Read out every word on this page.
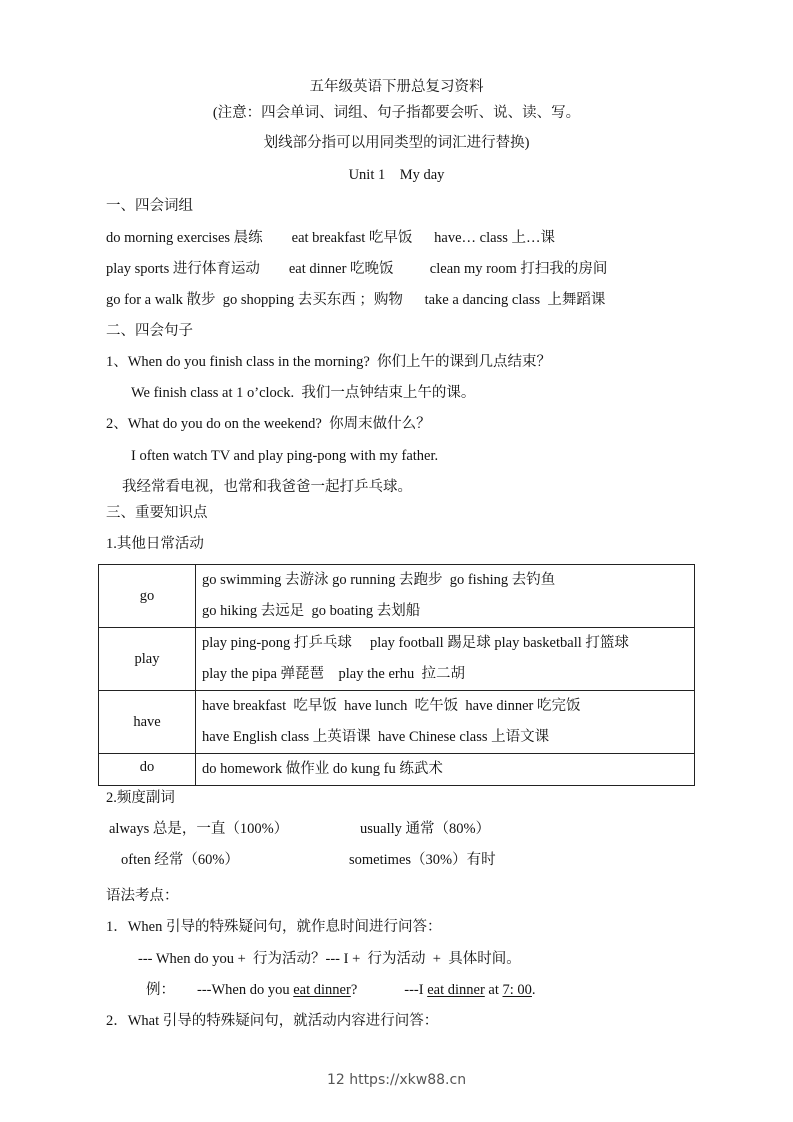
五年级英语下册总复习资料
(注意：四会单词、词组、句子指都要会听、说、读、写。
划线部分指可以用同类型的词汇进行替换)
Unit 1    My day
一、四会词组
do morning exercises 晨练        eat breakfast 吃早饭      have… class 上…课
play sports 进行体育运动        eat dinner 吃晚饭          clean my room 打扫我的房间
go for a walk 散步  go shopping 去买东西 ；购物      take a dancing class  上舞蹈课
二、四会句子
1、When do you finish class in the morning?  你们上午的课到几点结束？
We finish class at 1 o’clock.  我们一点钟结束上午的课。
2、What do you do on the weekend?  你周末做什么？
I often watch TV and play ping-pong with my father.
我经常看电视，也常和我爸爸一起打乒乓球。
三、重要知识点
1.其他日常活动
go	go swimming 去游泳 go running 去跑步  go fishing 去钓鱼
go hiking 去远足  go boating 去划船

play	play ping-pong 打乒乓球     play football 踢足球 play basketball 打篮球
play the pipa 弹琵琶    play the erhu  拉二胡

have	have breakfast  吃早饭  have lunch  吃午饭  have dinner 吃完饭
have English class 上英语课  have Chinese class 上语文课

do	do homework 做作业 do kung fu 练武术
2.频度副词
always 总是，一直（100%）	usually 通常（80%）
often 经常（60%）	sometimes（30%）有时
语法考点：
1．When 引导的特殊疑问句，就作息时间进行问答：
--- When do you +  行为活动？--- I +  行为活动  +  具体时间。
例： ---When do you eat dinner?	---I eat dinner at 7: 00.
2．What 引导的特殊疑问句，就活动内容进行问答：
12 https://xkw88.cn
